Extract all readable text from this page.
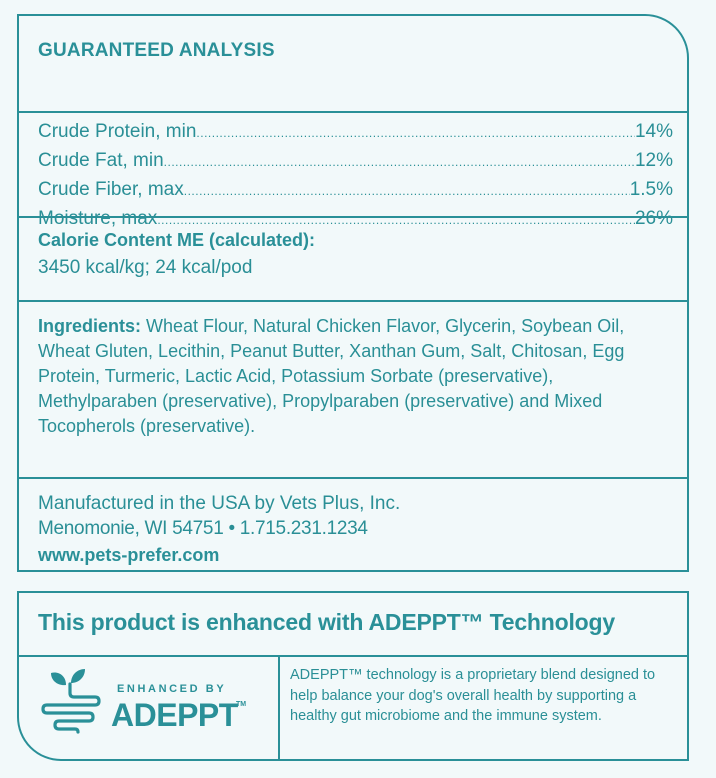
GUARANTEED ANALYSIS
Crude Protein, min .....	14%
Crude Fat, min .....	12%
Crude Fiber, max .....	1.5%
Moisture, max .....	26%
Calorie Content ME (calculated):
3450 kcal/kg; 24 kcal/pod

Ingredients: Wheat Flour, Natural Chicken Flavor, Glycerin, Soybean Oil, Wheat Gluten, Lecithin, Peanut Butter, Xanthan Gum, Salt, Chitosan, Egg Protein, Turmeric, Lactic Acid, Potassium Sorbate (preservative), Methylparaben (preservative), Propylparaben (preservative) and Mixed Tocopherols (preservative).

Manufactured in the USA by Vets Plus, Inc.
Menomonie, WI 54751 • 1.715.231.1234
www.pets-prefer.com
This product is enhanced with ADEPPT™ Technology
ENHANCED BY
ADEPPT
TM

ADEPPT™ technology is a proprietary blend designed to help balance your dog's overall health by supporting a healthy gut microbiome and the immune system.
